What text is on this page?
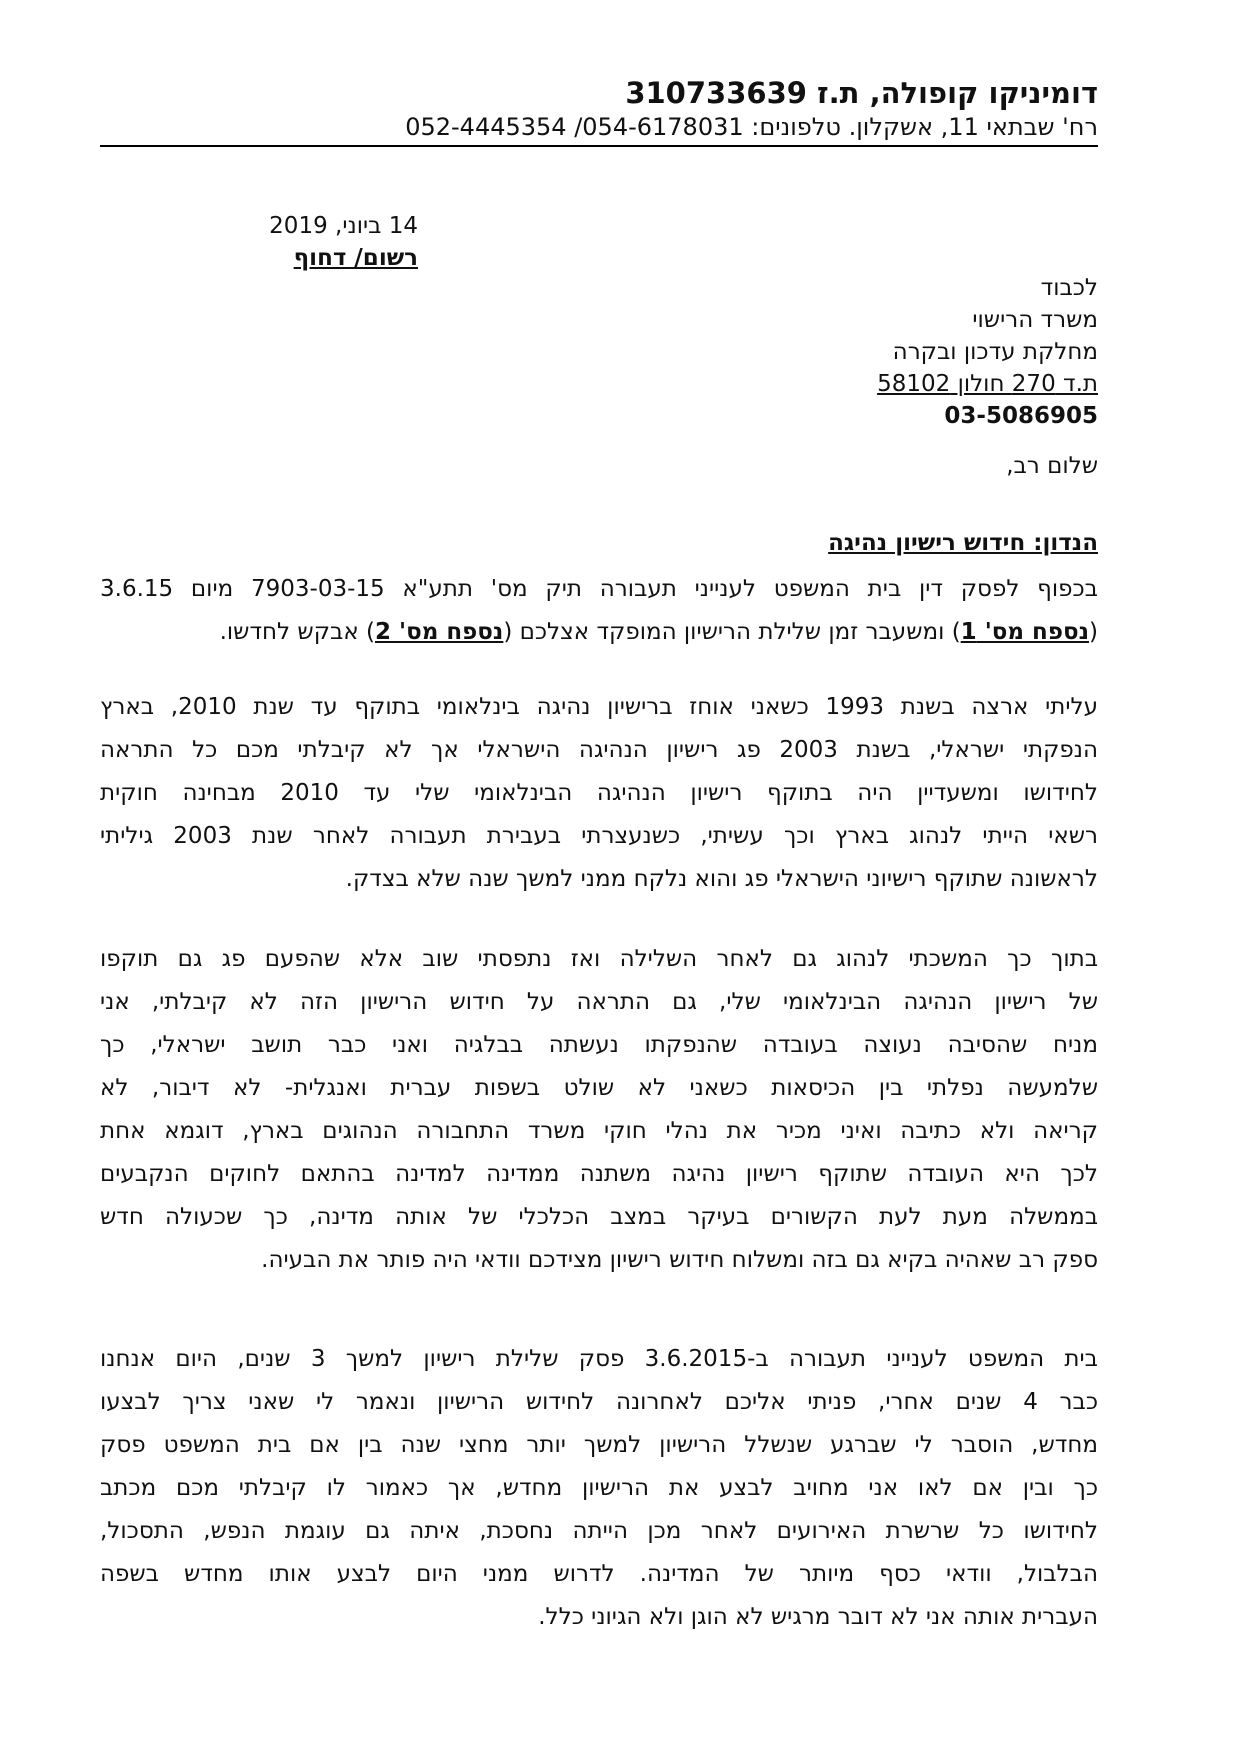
דומיניקו קופולה, ת.ז 310733639

רח' שבתאי 11, אשקלון. טלפונים: 054-6178031/ 052-4445354

14 ביוני, 2019
רשום/ דחוף
לכבוד
משרד הרישוי
מחלקת עדכון ובקרה
ת.ד 270 חולון 58102
03-5086905
שלום רב,
הנדון: חידוש רישיון נהיגה
בכפוף לפסק דין בית המשפט לענייני תעבורה תיק מס' תתע"א 7903-03-15 מיום 3.6.15
(נספח מס' 1) ומשעבר זמן שלילת הרישיון המופקד אצלכם (נספח מס' 2) אבקש לחדשו.
עליתי ארצה בשנת 1993 כשאני אוחז ברישיון נהיגה בינלאומי בתוקף עד שנת 2010, בארץ
הנפקתי ישראלי, בשנת 2003 פג רישיון הנהיגה הישראלי אך לא קיבלתי מכם כל התראה
לחידושו ומשעדיין היה בתוקף רישיון הנהיגה הבינלאומי שלי עד 2010 מבחינה חוקית
רשאי הייתי לנהוג בארץ וכך עשיתי, כשנעצרתי בעבירת תעבורה לאחר שנת 2003 גיליתי
לראשונה שתוקף רישיוני הישראלי פג והוא נלקח ממני למשך שנה שלא בצדק.
בתוך כך המשכתי לנהוג גם לאחר השלילה ואז נתפסתי שוב אלא שהפעם פג גם תוקפו
של רישיון הנהיגה הבינלאומי שלי, גם התראה על חידוש הרישיון הזה לא קיבלתי, אני
מניח שהסיבה נעוצה בעובדה שהנפקתו נעשתה בבלגיה ואני כבר תושב ישראלי, כך
שלמעשה נפלתי בין הכיסאות כשאני לא שולט בשפות עברית ואנגלית- לא דיבור, לא
קריאה ולא כתיבה ואיני מכיר את נהלי חוקי משרד התחבורה הנהוגים בארץ, דוגמא אחת
לכך היא העובדה שתוקף רישיון נהיגה משתנה ממדינה למדינה בהתאם לחוקים הנקבעים
בממשלה מעת לעת הקשורים בעיקר במצב הכלכלי של אותה מדינה, כך שכעולה חדש
ספק רב שאהיה בקיא גם בזה ומשלוח חידוש רישיון מצידכם וודאי היה פותר את הבעיה.
בית המשפט לענייני תעבורה ב-3.6.2015 פסק שלילת רישיון למשך 3 שנים, היום אנחנו
כבר 4 שנים אחרי, פניתי אליכם לאחרונה לחידוש הרישיון ונאמר לי שאני צריך לבצעו
מחדש, הוסבר לי שברגע שנשלל הרישיון למשך יותר מחצי שנה בין אם בית המשפט פסק
כך ובין אם לאו אני מחויב לבצע את הרישיון מחדש, אך כאמור לו קיבלתי מכם מכתב
לחידושו כל שרשרת האירועים לאחר מכן הייתה נחסכת, איתה גם עוגמת הנפש, התסכול,
הבלבול, וודאי כסף מיותר של המדינה. לדרוש ממני היום לבצע אותו מחדש בשפה
העברית אותה אני לא דובר מרגיש לא הוגן ולא הגיוני כלל.
